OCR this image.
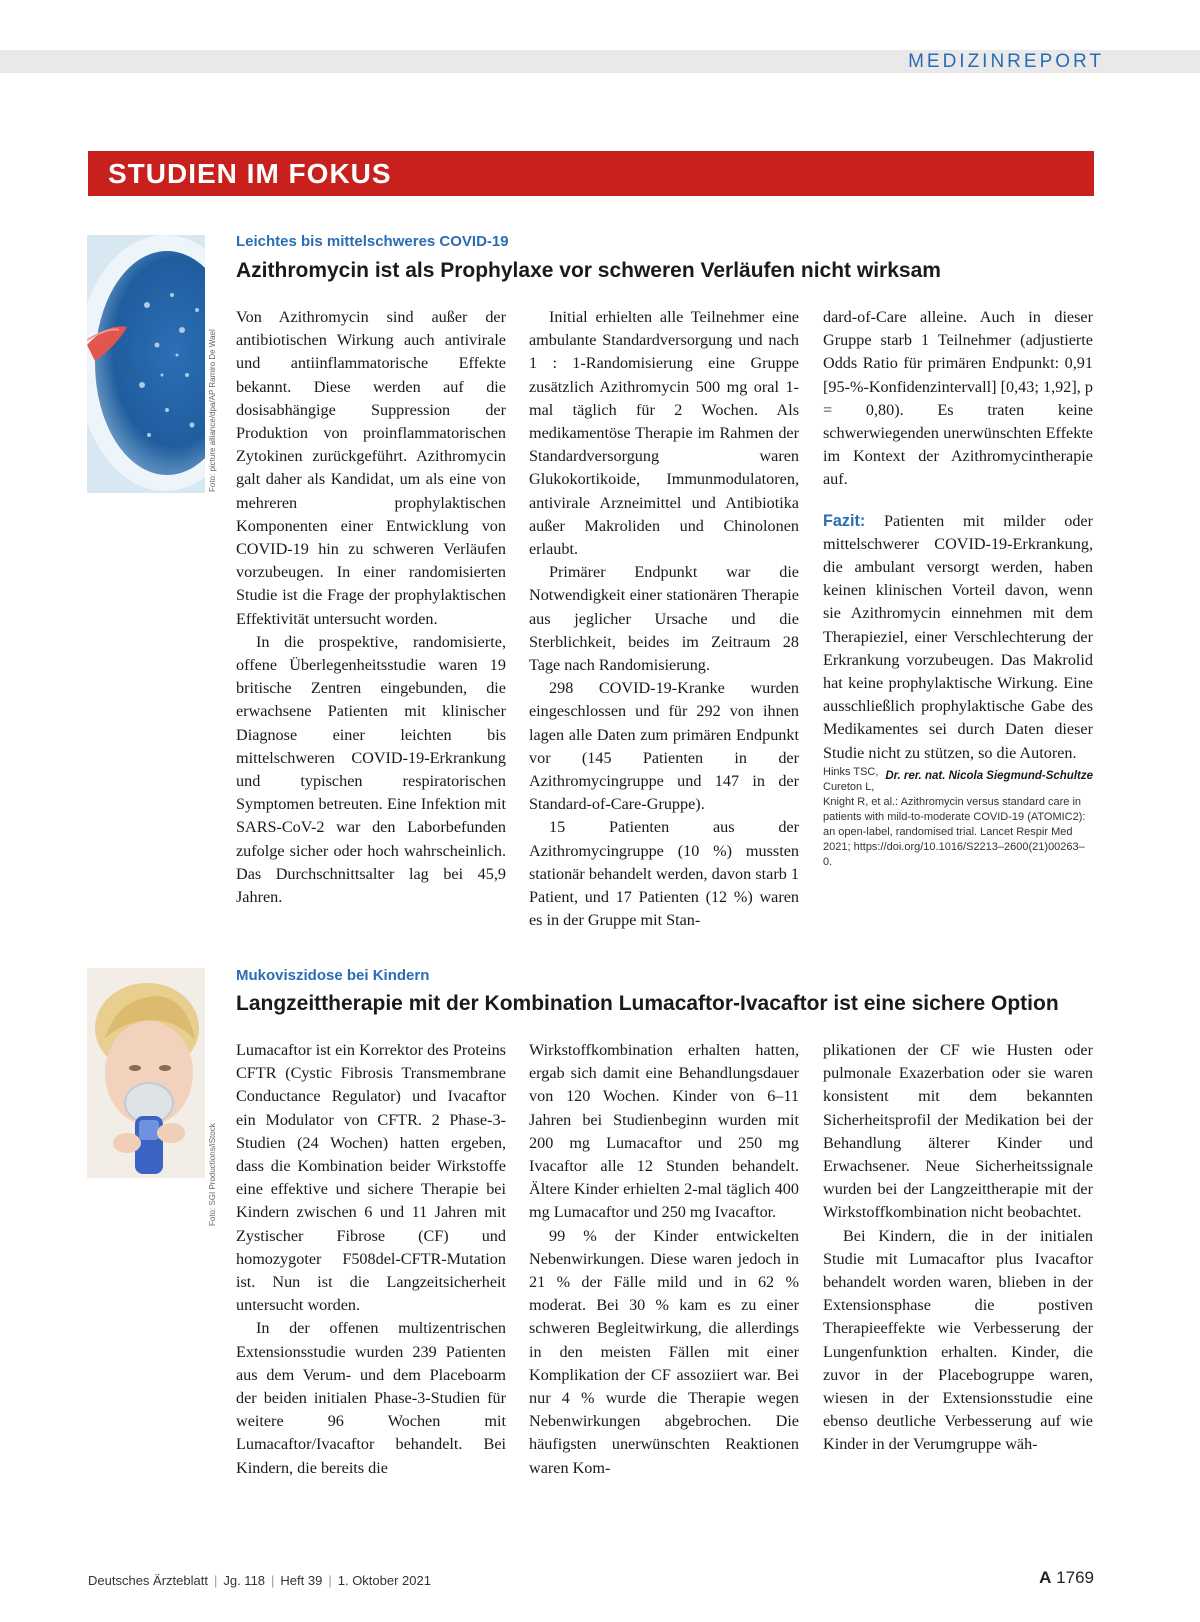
MEDIZINREPORT
STUDIEN IM FOKUS
Foto: picture alliance/dpa/AP Ramiro De Wael
Leichtes bis mittelschweres COVID-19
Azithromycin ist als Prophylaxe vor schweren Verläufen nicht wirksam

Von Azithromycin sind außer der antibiotischen Wirkung auch antivirale und antiinflammatorische Effekte bekannt. Diese werden auf die dosisabhängige Suppression der Produktion von proinflammatorischen Zytokinen zurückgeführt. Azithromycin galt daher als Kandidat, um als eine von mehreren prophylaktischen Komponenten einer Entwicklung von COVID-19 hin zu schweren Verläufen vorzubeugen. In einer randomisierten Studie ist die Frage der prophylaktischen Effektivität untersucht worden.

In die prospektive, randomisierte, offene Überlegenheitsstudie waren 19 britische Zentren eingebunden, die erwachsene Patienten mit klinischer Diagnose einer leichten bis mittelschweren COVID-19-Erkrankung und typischen respiratorischen Symptomen betreuten. Eine Infektion mit SARS-CoV-2 war den Laborbefunden zufolge sicher oder hoch wahrscheinlich. Das Durchschnittsalter lag bei 45,9 Jahren.

Initial erhielten alle Teilnehmer eine ambulante Standardversorgung und nach 1 : 1-Randomisierung eine Gruppe zusätzlich Azithromycin 500 mg oral 1-mal täglich für 2 Wochen. Als medikamentöse Therapie im Rahmen der Standardversorgung waren Glukokortikoide, Immunmodulatoren, antivirale Arzneimittel und Antibiotika außer Makroliden und Chinolonen erlaubt.

Primärer Endpunkt war die Notwendigkeit einer stationären Therapie aus jeglicher Ursache und die Sterblichkeit, beides im Zeitraum 28 Tage nach Randomisierung.

298 COVID-19-Kranke wurden eingeschlossen und für 292 von ihnen lagen alle Daten zum primären Endpunkt vor (145 Patienten in der Azithromycingruppe und 147 in der Standard-of-Care-Gruppe).

15 Patienten aus der Azithromycingruppe (10 %) mussten stationär behandelt werden, davon starb 1 Patient, und 17 Patienten (12 %) waren es in der Gruppe mit Stan-

dard-of-Care alleine. Auch in dieser Gruppe starb 1 Teilnehmer (adjustierte Odds Ratio für primären Endpunkt: 0,91 [95-%-Konfidenzintervall] [0,43; 1,92], p = 0,80). Es traten keine schwerwiegenden unerwünschten Effekte im Kontext der Azithromycintherapie auf.

Fazit: Patienten mit milder oder mittelschwerer COVID-19-Erkrankung, die ambulant versorgt werden, haben keinen klinischen Vorteil davon, wenn sie Azithromycin einnehmen mit dem Therapieziel, einer Verschlechterung der Erkrankung vorzubeugen. Das Makrolid hat keine prophylaktische Wirkung. Eine ausschließlich prophylaktische Gabe des Medikamentes sei durch Daten dieser Studie nicht zu stützen, so die Autoren.
Dr. rer. nat. Nicola Siegmund-Schultze

Hinks TSC, Cureton L, Knight R, et al.: Azithromycin versus standard care in patients with mild-to-moderate COVID-19 (ATOMIC2): an open-label, randomised trial. Lancet Respir Med 2021; https://doi.org/10.1016/S2213–2600(21)00263–0.

Foto: SGI Productions/iStock
Mukoviszidose bei Kindern
Langzeittherapie mit der Kombination Lumacaftor-Ivacaftor ist eine sichere Option

Lumacaftor ist ein Korrektor des Proteins CFTR (Cystic Fibrosis Transmembrane Conductance Regulator) und Ivacaftor ein Modulator von CFTR. 2 Phase-3-Studien (24 Wochen) hatten ergeben, dass die Kombination beider Wirkstoffe eine effektive und sichere Therapie bei Kindern zwischen 6 und 11 Jahren mit Zystischer Fibrose (CF) und homozygoter F508del-CFTR-Mutation ist. Nun ist die Langzeitsicherheit untersucht worden.

In der offenen multizentrischen Extensionsstudie wurden 239 Patienten aus dem Verum- und dem Placeboarm der beiden initialen Phase-3-Studien für weitere 96 Wochen mit Lumacaftor/Ivacaftor behandelt. Bei Kindern, die bereits die

Wirkstoffkombination erhalten hatten, ergab sich damit eine Behandlungsdauer von 120 Wochen. Kinder von 6–11 Jahren bei Studienbeginn wurden mit 200 mg Lumacaftor und 250 mg Ivacaftor alle 12 Stunden behandelt. Ältere Kinder erhielten 2-mal täglich 400 mg Lumacaftor und 250 mg Ivacaftor.

99 % der Kinder entwickelten Nebenwirkungen. Diese waren jedoch in 21 % der Fälle mild und in 62 % moderat. Bei 30 % kam es zu einer schweren Begleitwirkung, die allerdings in den meisten Fällen mit einer Komplikation der CF assoziiert war. Bei nur 4 % wurde die Therapie wegen Nebenwirkungen abgebrochen. Die häufigsten unerwünschten Reaktionen waren Kom-

plikationen der CF wie Husten oder pulmonale Exazerbation oder sie waren konsistent mit dem bekannten Sicherheitsprofil der Medikation bei der Behandlung älterer Kinder und Erwachsener. Neue Sicherheitssignale wurden bei der Langzeittherapie mit der Wirkstoffkombination nicht beobachtet.

Bei Kindern, die in der initialen Studie mit Lumacaftor plus Ivacaftor behandelt worden waren, blieben in der Extensionsphase die postiven Therapieeffekte wie Verbesserung der Lungenfunktion erhalten. Kinder, die zuvor in der Placebogruppe waren, wiesen in der Extensionsstudie eine ebenso deutliche Verbesserung auf wie Kinder in der Verumgruppe wäh-

Deutsches Ärzteblatt | Jg. 118 | Heft 39 | 1. Oktober 2021	A 1769
